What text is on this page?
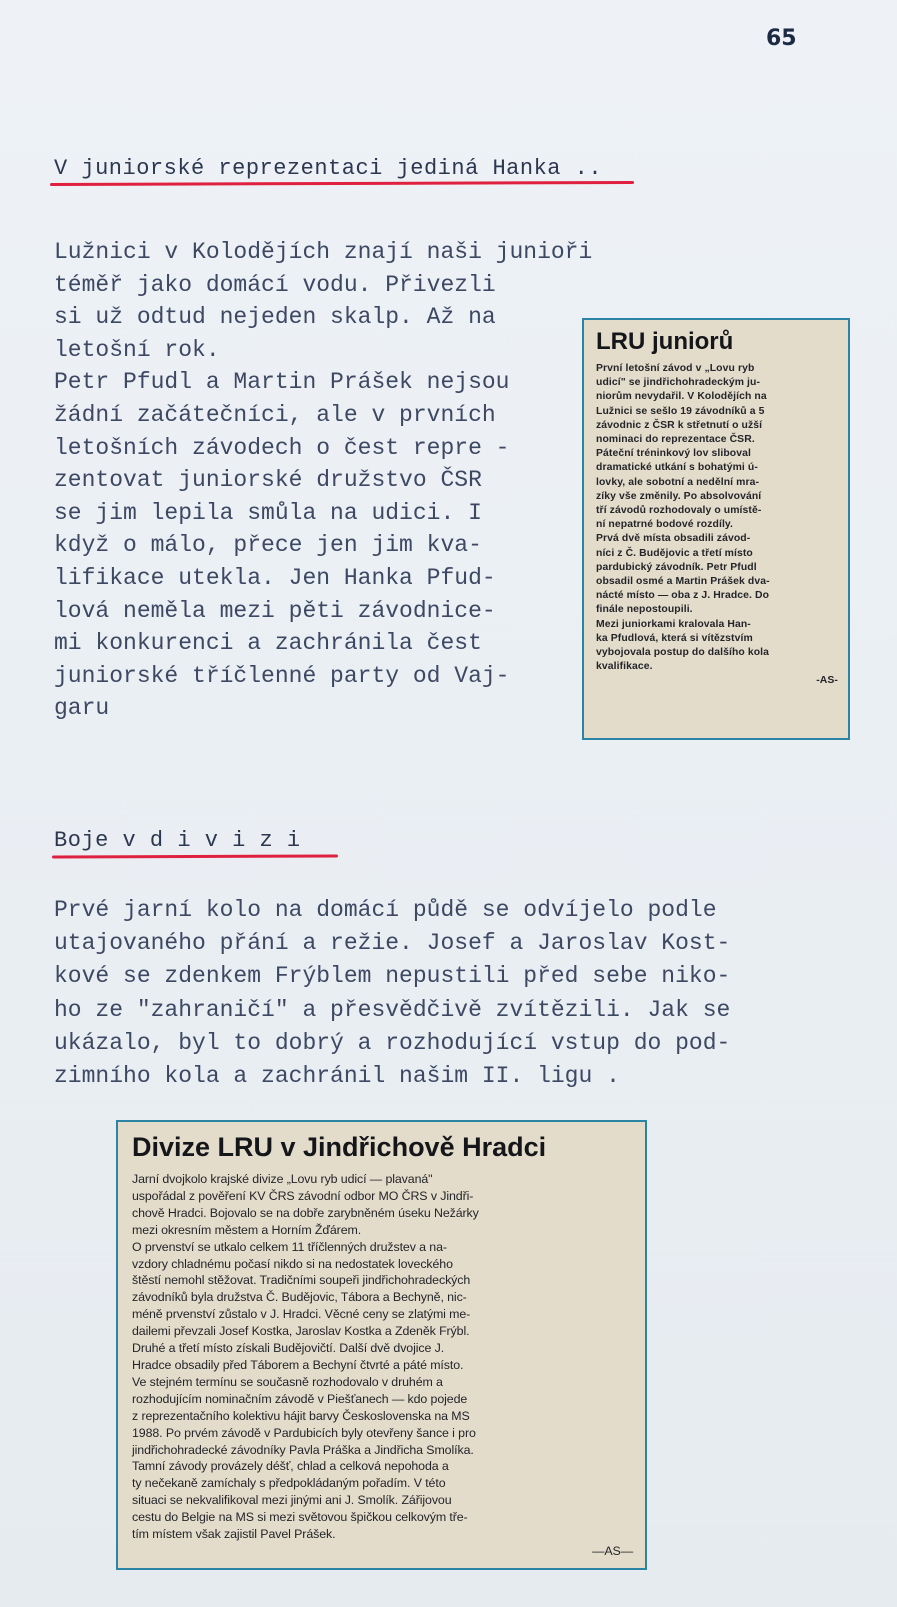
65
V juniorské reprezentaci jediná Hanka ..
Lužnici v Kolodějích znají naši junioři
téměř jako domácí vodu. Přivezli
si už odtud nejeden skalp. Až na
letošní rok.
Petr Pfudl a Martin Prášek nejsou
žádní začátečníci, ale v prvních
letošních závodech o čest repre -
zentovat juniorské družstvo ČSR
se jim lepila smůla na udici. I
když o málo, přece jen jim kva-
lifikace utekla. Jen Hanka Pfud-
lová neměla mezi pěti závodnice-
mi konkurenci a zachránila čest
juniorské tříčlenné party od Vaj-
garu
LRU juniorů
První letošní závod v „Lovu ryb
udicí" se jindřichohradeckým ju-
niorům nevydařil. V Kolodějích na
Lužnici se sešlo 19 závodníků a 5
závodnic z ČSR k střetnutí o užší
nominaci do reprezentace ČSR.
Páteční tréninkový lov sliboval
dramatické utkání s bohatými ú-
lovky, ale sobotní a nedělní mra-
zíky vše změnily. Po absolvování
tří závodů rozhodovaly o umístě-
ní nepatrné bodové rozdíly.
Prvá dvě místa obsadili závod-
níci z Č. Budějovic a třetí místo
pardubický závodník. Petr Pfudl
obsadil osmé a Martin Prášek dva-
nácté místo — oba z J. Hradce. Do
finále nepostoupili.
Mezi juniorkami kralovala Han-
ka Pfudlová, která si vítězstvím
vybojovala postup do dalšího kola
kvalifikace.
-AS-
Boje v d i v i z i
Prvé jarní kolo na domácí půdě se odvíjelo podle
utajovaného přání a režie. Josef a Jaroslav Kost-
kové se zdenkem Frýblem nepustili před sebe niko-
ho ze "zahraničí" a přesvědčivě zvítězili. Jak se
ukázalo, byl to dobrý a rozhodující vstup do pod-
zimního kola a zachránil našim II. ligu .
Divize LRU v Jindřichově Hradci
Jarní dvojkolo krajské divize „Lovu ryb udicí — plavaná"
uspořádal z pověření KV ČRS závodní odbor MO ČRS v Jindři-
chově Hradci. Bojovalo se na dobře zarybněném úseku Nežárky
mezi okresním městem a Horním Žďárem.
O prvenství se utkalo celkem 11 tříčlenných družstev a na-
vzdory chladnému počasí nikdo si na nedostatek loveckého
štěstí nemohl stěžovat. Tradičními soupeři jindřichohradeckých
závodníků byla družstva Č. Budějovic, Tábora a Bechyně, nic-
méně prvenství zůstalo v J. Hradci. Věcné ceny se zlatými me-
dailemi převzali Josef Kostka, Jaroslav Kostka a Zdeněk Frýbl.
Druhé a třetí místo získali Budějovičtí. Další dvě dvojice J.
Hradce obsadily před Táborem a Bechyní čtvrté a páté místo.
Ve stejném termínu se současně rozhodovalo v druhém a
rozhodujícím nominačním závodě v Piešťanech — kdo pojede
z reprezentačního kolektivu hájit barvy Československa na MS
1988. Po prvém závodě v Pardubicích byly otevřeny šance i pro
jindřichohradecké závodníky Pavla Práška a Jindřicha Smolíka.
Tamní závody provázely déšť, chlad a celková nepohoda a
ty nečekaně zamíchaly s předpokládaným pořadím. V této
situaci se nekvalifikoval mezi jinými ani J. Smolík. Zářijovou
cestu do Belgie na MS si mezi světovou špičkou celkovým tře-
tím místem však zajistil Pavel Prášek.
—AS—
